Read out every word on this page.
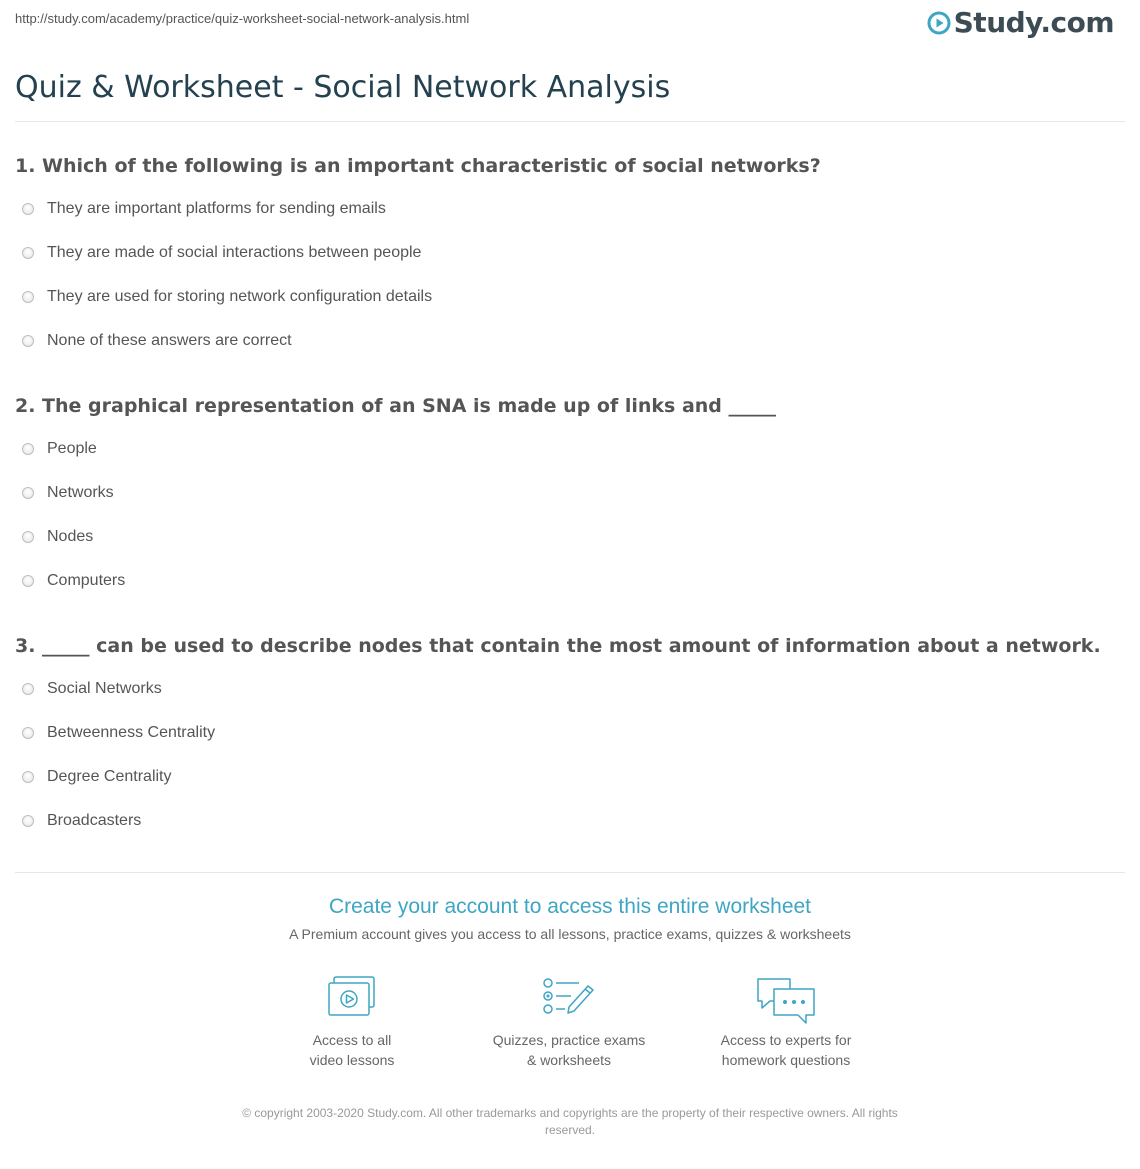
http://study.com/academy/practice/quiz-worksheet-social-network-analysis.html	Study.com
Quiz & Worksheet - Social Network Analysis
1. Which of the following is an important characteristic of social networks?
They are important platforms for sending emails
They are made of social interactions between people
They are used for storing network configuration details
None of these answers are correct
2. The graphical representation of an SNA is made up of links and _____
People
Networks
Nodes
Computers
3. _____ can be used to describe nodes that contain the most amount of information about a network.
Social Networks
Betweenness Centrality
Degree Centrality
Broadcasters
Create your account to access this entire worksheet
A Premium account gives you access to all lessons, practice exams, quizzes & worksheets
Access to all
video lessons
Quizzes, practice exams
& worksheets
Access to experts for
homework questions
© copyright 2003-2020 Study.com. All other trademarks and copyrights are the property of their respective owners. All rights
reserved.
